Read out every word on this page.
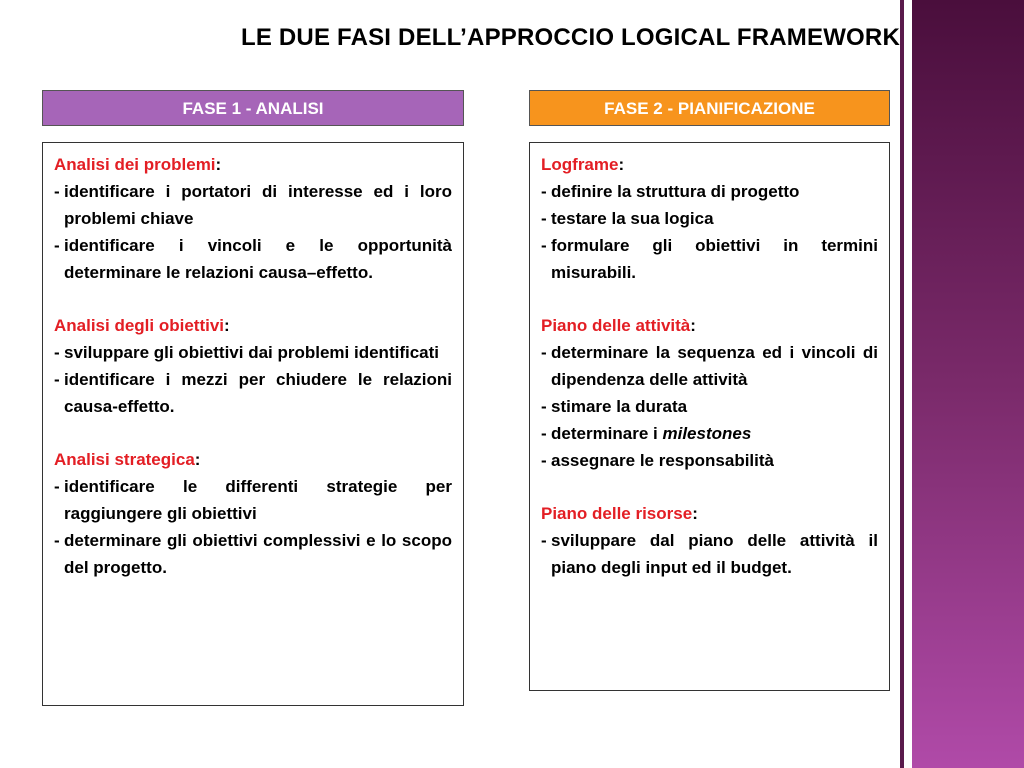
LE DUE FASI DELL’APPROCCIO LOGICAL FRAMEWORK
FASE 1 - ANALISI	FASE 2 - PIANIFICAZIONE
Analisi dei problemi:
- identificare i portatori di interesse ed i loro problemi chiave
- identificare i vincoli e le opportunità determinare le relazioni causa–effetto.
Analisi degli obiettivi:
- sviluppare gli obiettivi dai problemi identificati
- identificare i mezzi per chiudere le relazioni causa-effetto.
Analisi strategica:
- identificare le differenti strategie per raggiungere gli obiettivi
- determinare gli obiettivi complessivi e lo scopo del progetto.
Logframe:
- definire la struttura di progetto
- testare la sua logica
- formulare gli obiettivi in termini misurabili.
Piano delle attività:
- determinare la sequenza ed i vincoli di dipendenza delle attività
- stimare la durata
- determinare i milestones
- assegnare le responsabilità
Piano delle risorse:
- sviluppare dal piano delle attività il piano degli input ed il budget.
